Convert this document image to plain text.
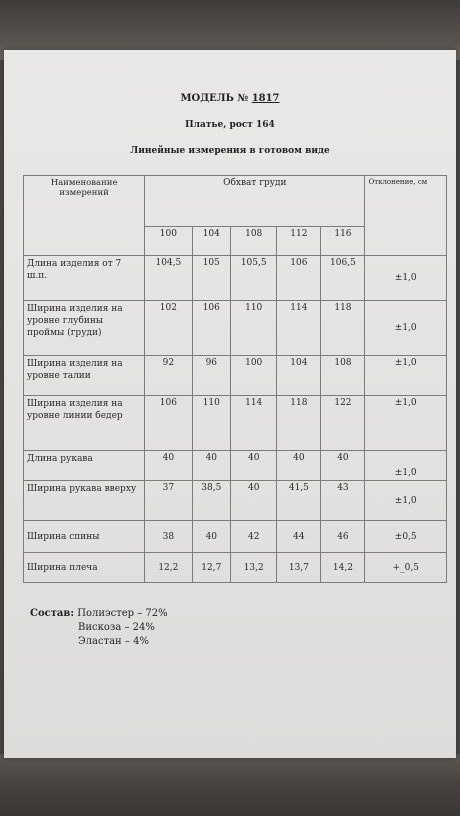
МОДЕЛЬ № 1817
Платье, рост 164
Линейные измерения в готовом виде
Наименование измерений	Обхват груди					Отклонение, см
	100	104	108	112	116	
Длина изделия от 7 ш.п.	104,5	105	105,5	106	106,5	±1,0
Ширина изделия на уровне глубины проймы (груди)	102	106	110	114	118	±1,0
Ширина изделия на уровне талии	92	96	100	104	108	±1,0
Ширина изделия на уровне линии бедер	106	110	114	118	122	±1,0
Длина рукава	40	40	40	40	40	±1,0
Ширина рукава вверху	37	38,5	40	41,5	43	±1,0
Ширина спины	38	40	42	44	46	±0,5
Ширина плеча	12,2	12,7	13,2	13,7	14,2	+_0,5
Состав: Полиэстер – 72%
Вискоза – 24%
Эластан – 4%
